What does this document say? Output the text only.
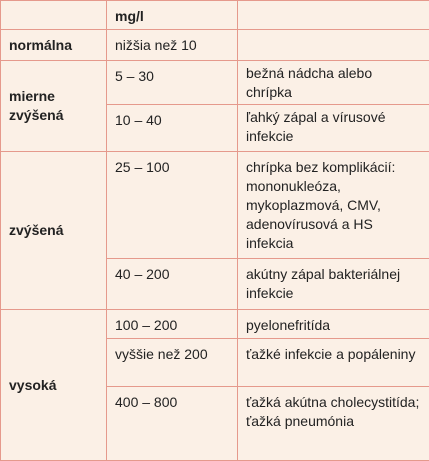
	mg/l	
normálna	nižšia než 10	
mierne zvýšená	5 – 30	bežná nádcha alebo chrípka
	10 – 40	ľahký zápal a vírusové infekcie
zvýšená	25 – 100	chrípka bez komplikácií: mononukleóza, mykoplazmová, CMV, adenovírusová a HS infekcia
	40 – 200	akútny zápal bakteriálnej infekcie
vysoká	100 – 200	pyelonefritída
	vyššie než 200	ťažké infekcie a popáleniny
	400 – 800	ťažká akútna cholecystitída; ťažká pneumónia
